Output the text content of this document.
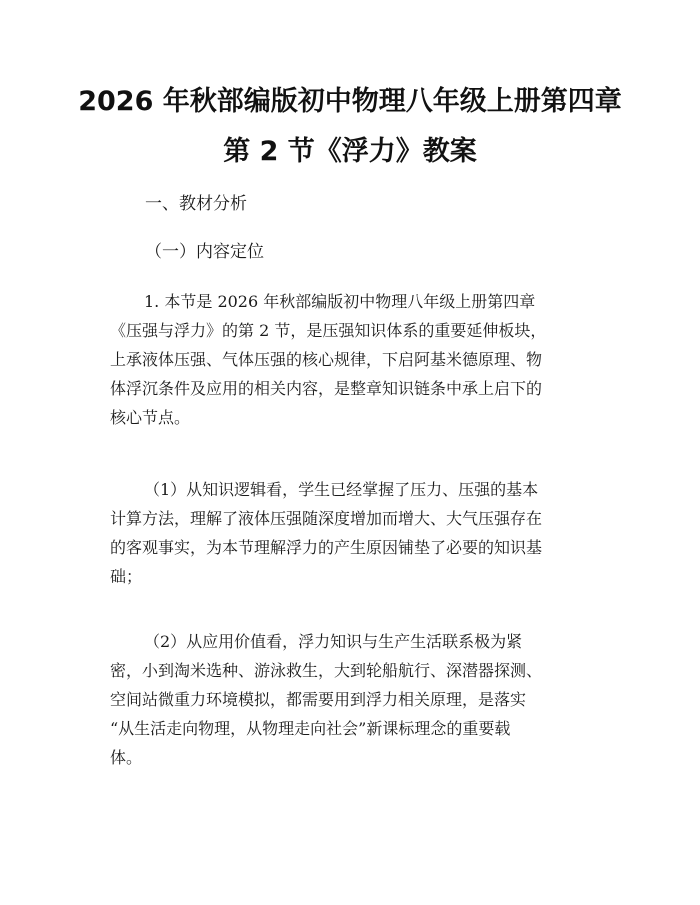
2026 年秋部编版初中物理八年级上册第四章
第 2 节《浮力》教案
一、教材分析
（一）内容定位
1. 本节是 2026 年秋部编版初中物理八年级上册第四章
《压强与浮力》的第 2 节，是压强知识体系的重要延伸板块，
上承液体压强、气体压强的核心规律，下启阿基米德原理、物
体浮沉条件及应用的相关内容，是整章知识链条中承上启下的
核心节点。
（1）从知识逻辑看，学生已经掌握了压力、压强的基本
计算方法，理解了液体压强随深度增加而增大、大气压强存在
的客观事实，为本节理解浮力的产生原因铺垫了必要的知识基
础；
（2）从应用价值看，浮力知识与生产生活联系极为紧
密，小到淘米选种、游泳救生，大到轮船航行、深潜器探测、
空间站微重力环境模拟，都需要用到浮力相关原理，是落实
“从生活走向物理，从物理走向社会”新课标理念的重要载
体。
